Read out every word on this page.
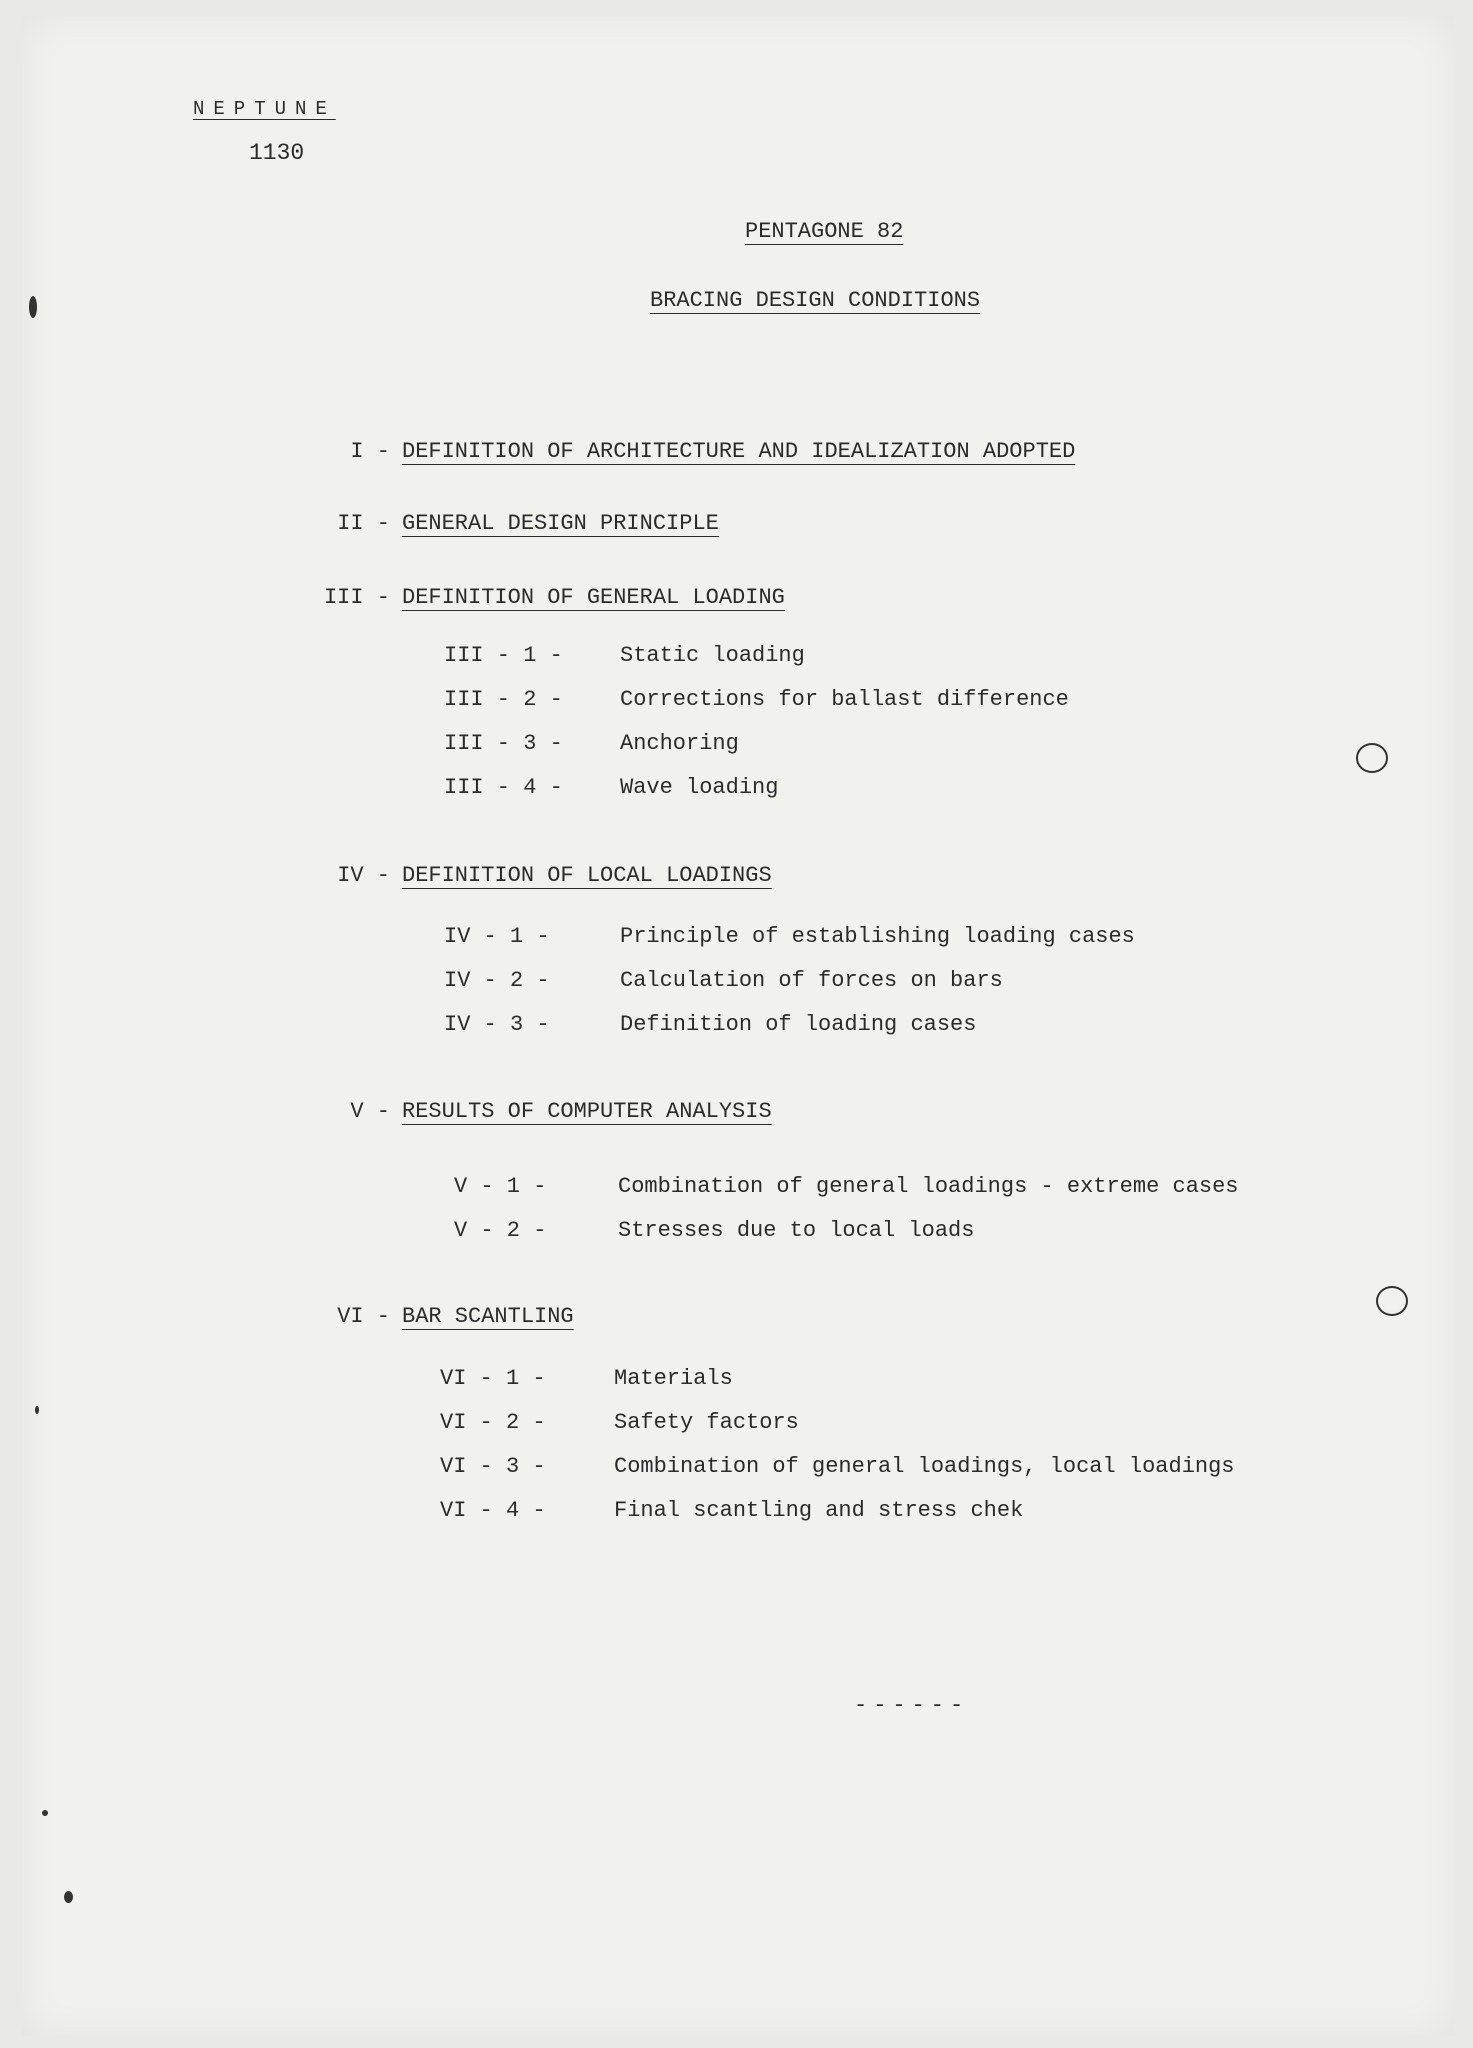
NEPTUNE
1130
PENTAGONE 82
BRACING DESIGN CONDITIONS
I - DEFINITION OF ARCHITECTURE AND IDEALIZATION ADOPTED
II - GENERAL DESIGN PRINCIPLE
III - DEFINITION OF GENERAL LOADING
III - 1 -	Static loading
III - 2 -	Corrections for ballast difference
III - 3 -	Anchoring
III - 4 -	Wave loading
IV - DEFINITION OF LOCAL LOADINGS
IV - 1 -	Principle of establishing loading cases
IV - 2 -	Calculation of forces on bars
IV - 3 -	Definition of loading cases
V - RESULTS OF COMPUTER ANALYSIS
V - 1 -	Combination of general loadings - extreme cases
V - 2 -	Stresses due to local loads
VI - BAR SCANTLING
VI - 1 -	Materials
VI - 2 -	Safety factors
VI - 3 -	Combination of general loadings, local loadings
VI - 4 -	Final scantling and stress chek
------
